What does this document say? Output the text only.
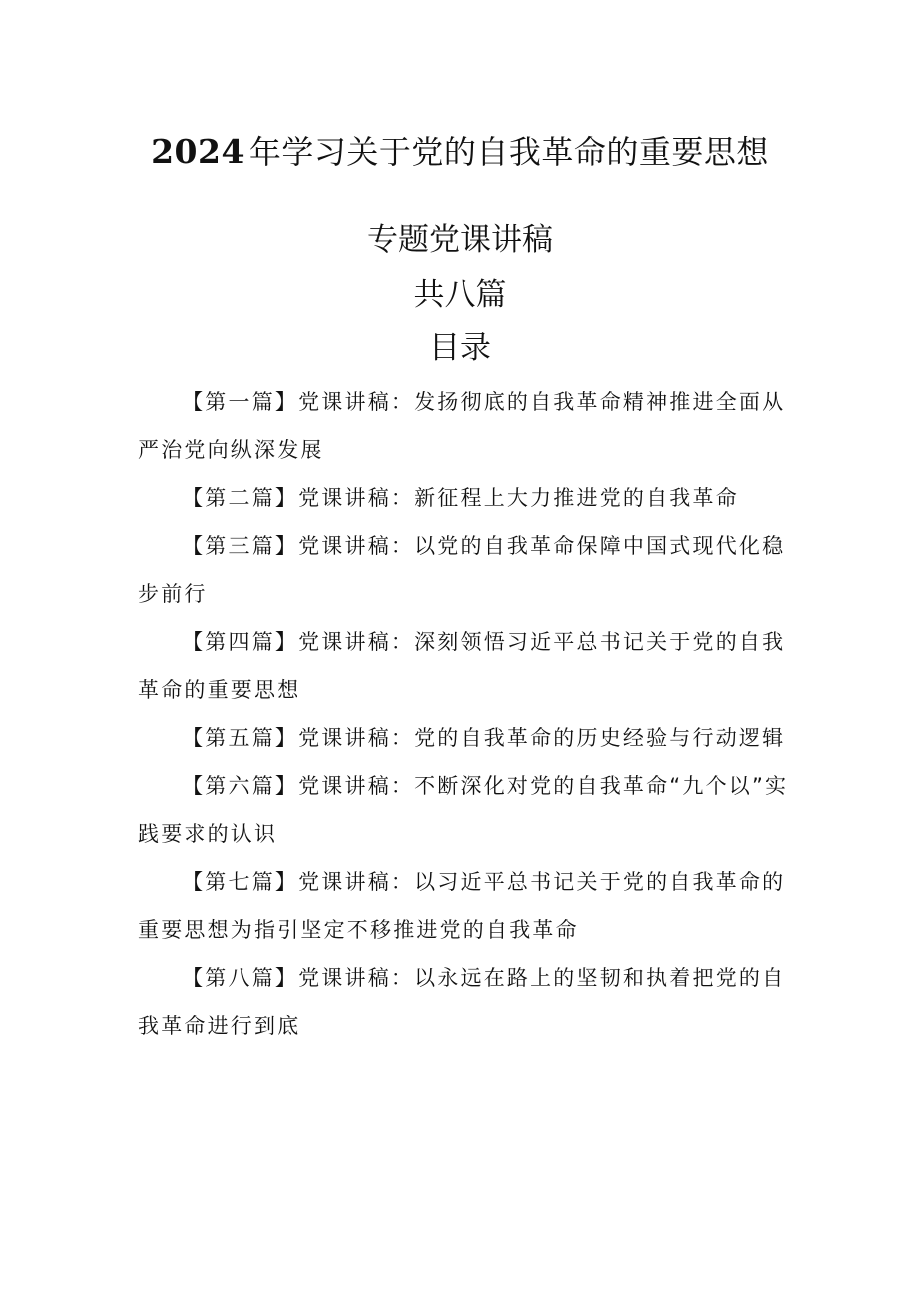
2024 年学习关于党的自我革命的重要思想
专题党课讲稿
共八篇
目录
【第一篇】党课讲稿：发扬彻底的自我革命精神推进全面从严治党向纵深发展
【第二篇】党课讲稿：新征程上大力推进党的自我革命
【第三篇】党课讲稿：以党的自我革命保障中国式现代化稳步前行
【第四篇】党课讲稿：深刻领悟习近平总书记关于党的自我革命的重要思想
【第五篇】党课讲稿：党的自我革命的历史经验与行动逻辑
【第六篇】党课讲稿：不断深化对党的自我革命“九个以”实践要求的认识
【第七篇】党课讲稿：以习近平总书记关于党的自我革命的重要思想为指引坚定不移推进党的自我革命
【第八篇】党课讲稿：以永远在路上的坚韧和执着把党的自我革命进行到底
